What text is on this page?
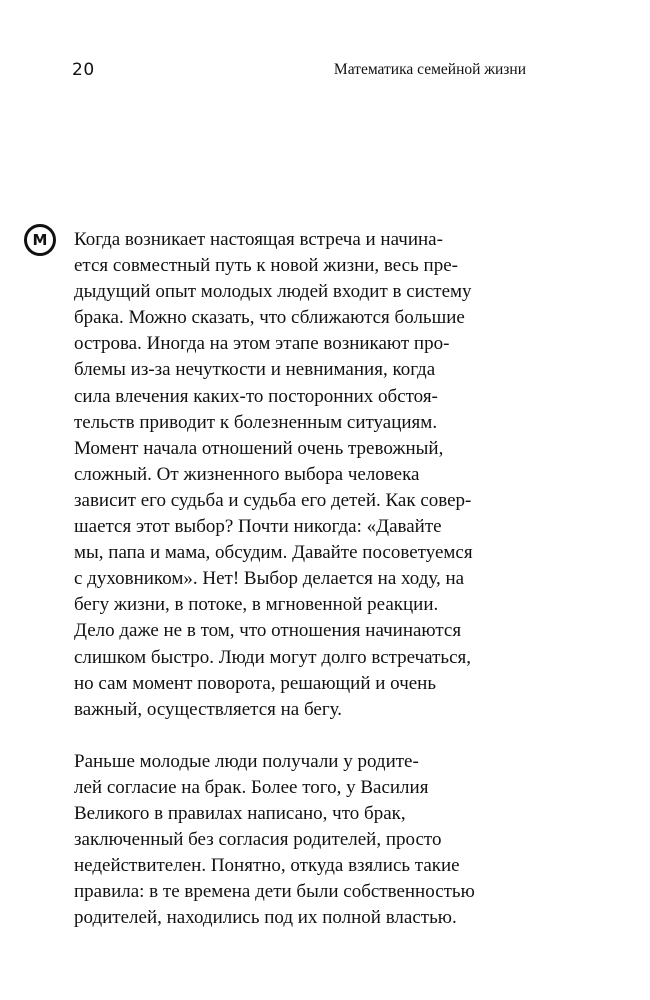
20	Математика семейной жизни
М Когда возникает настоящая встреча и начина-
ется совместный путь к новой жизни, весь пре-
дыдущий опыт молодых людей входит в систему
брака. Можно сказать, что сближаются большие
острова. Иногда на этом этапе возникают про-
блемы из-за нечуткости и невнимания, когда
сила влечения каких-то посторонних обстоя-
тельств приводит к болезненным ситуациям.
Момент начала отношений очень тревожный,
сложный. От жизненного выбора человека
зависит его судьба и судьба его детей. Как совер-
шается этот выбор? Почти никогда: «Давайте
мы, папа и мама, обсудим. Давайте посоветуемся
с духовником». Нет! Выбор делается на ходу, на
бегу жизни, в потоке, в мгновенной реакции.
Дело даже не в том, что отношения начинаются
слишком быстро. Люди могут долго встречаться,
но сам момент поворота, решающий и очень
важный, осуществляется на бегу.

Раньше молодые люди получали у родите-
лей согласие на брак. Более того, у Василия
Великого в правилах написано, что брак,
заключенный без согласия родителей, просто
недействителен. Понятно, откуда взялись такие
правила: в те времена дети были собственностью
родителей, находились под их полной властью.
